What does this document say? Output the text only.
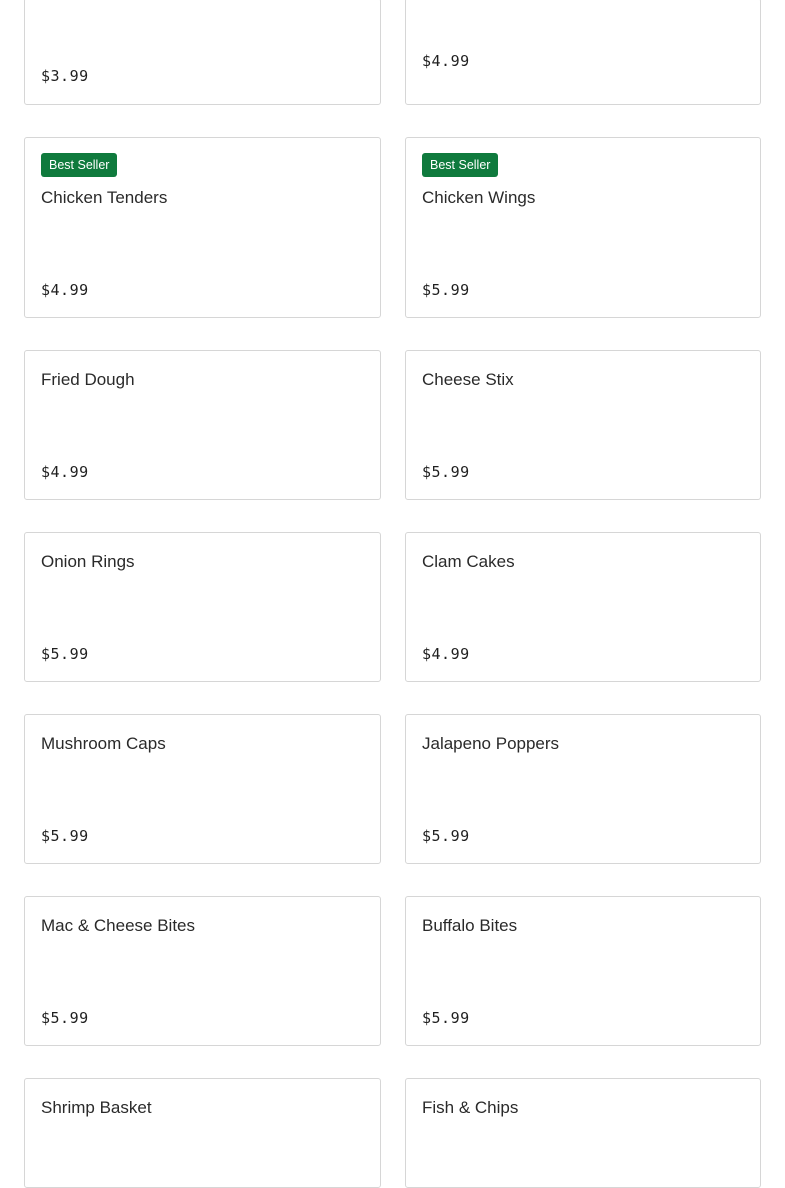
$3.99
$4.99
Best Seller
Chicken Tenders
$4.99
Best Seller
Chicken Wings
$5.99
Fried Dough
$4.99
Cheese Stix
$5.99
Onion Rings
$5.99
Clam Cakes
$4.99
Mushroom Caps
$5.99
Jalapeno Poppers
$5.99
Mac & Cheese Bites
$5.99
Buffalo Bites
$5.99
Shrimp Basket	Fish & Chips
